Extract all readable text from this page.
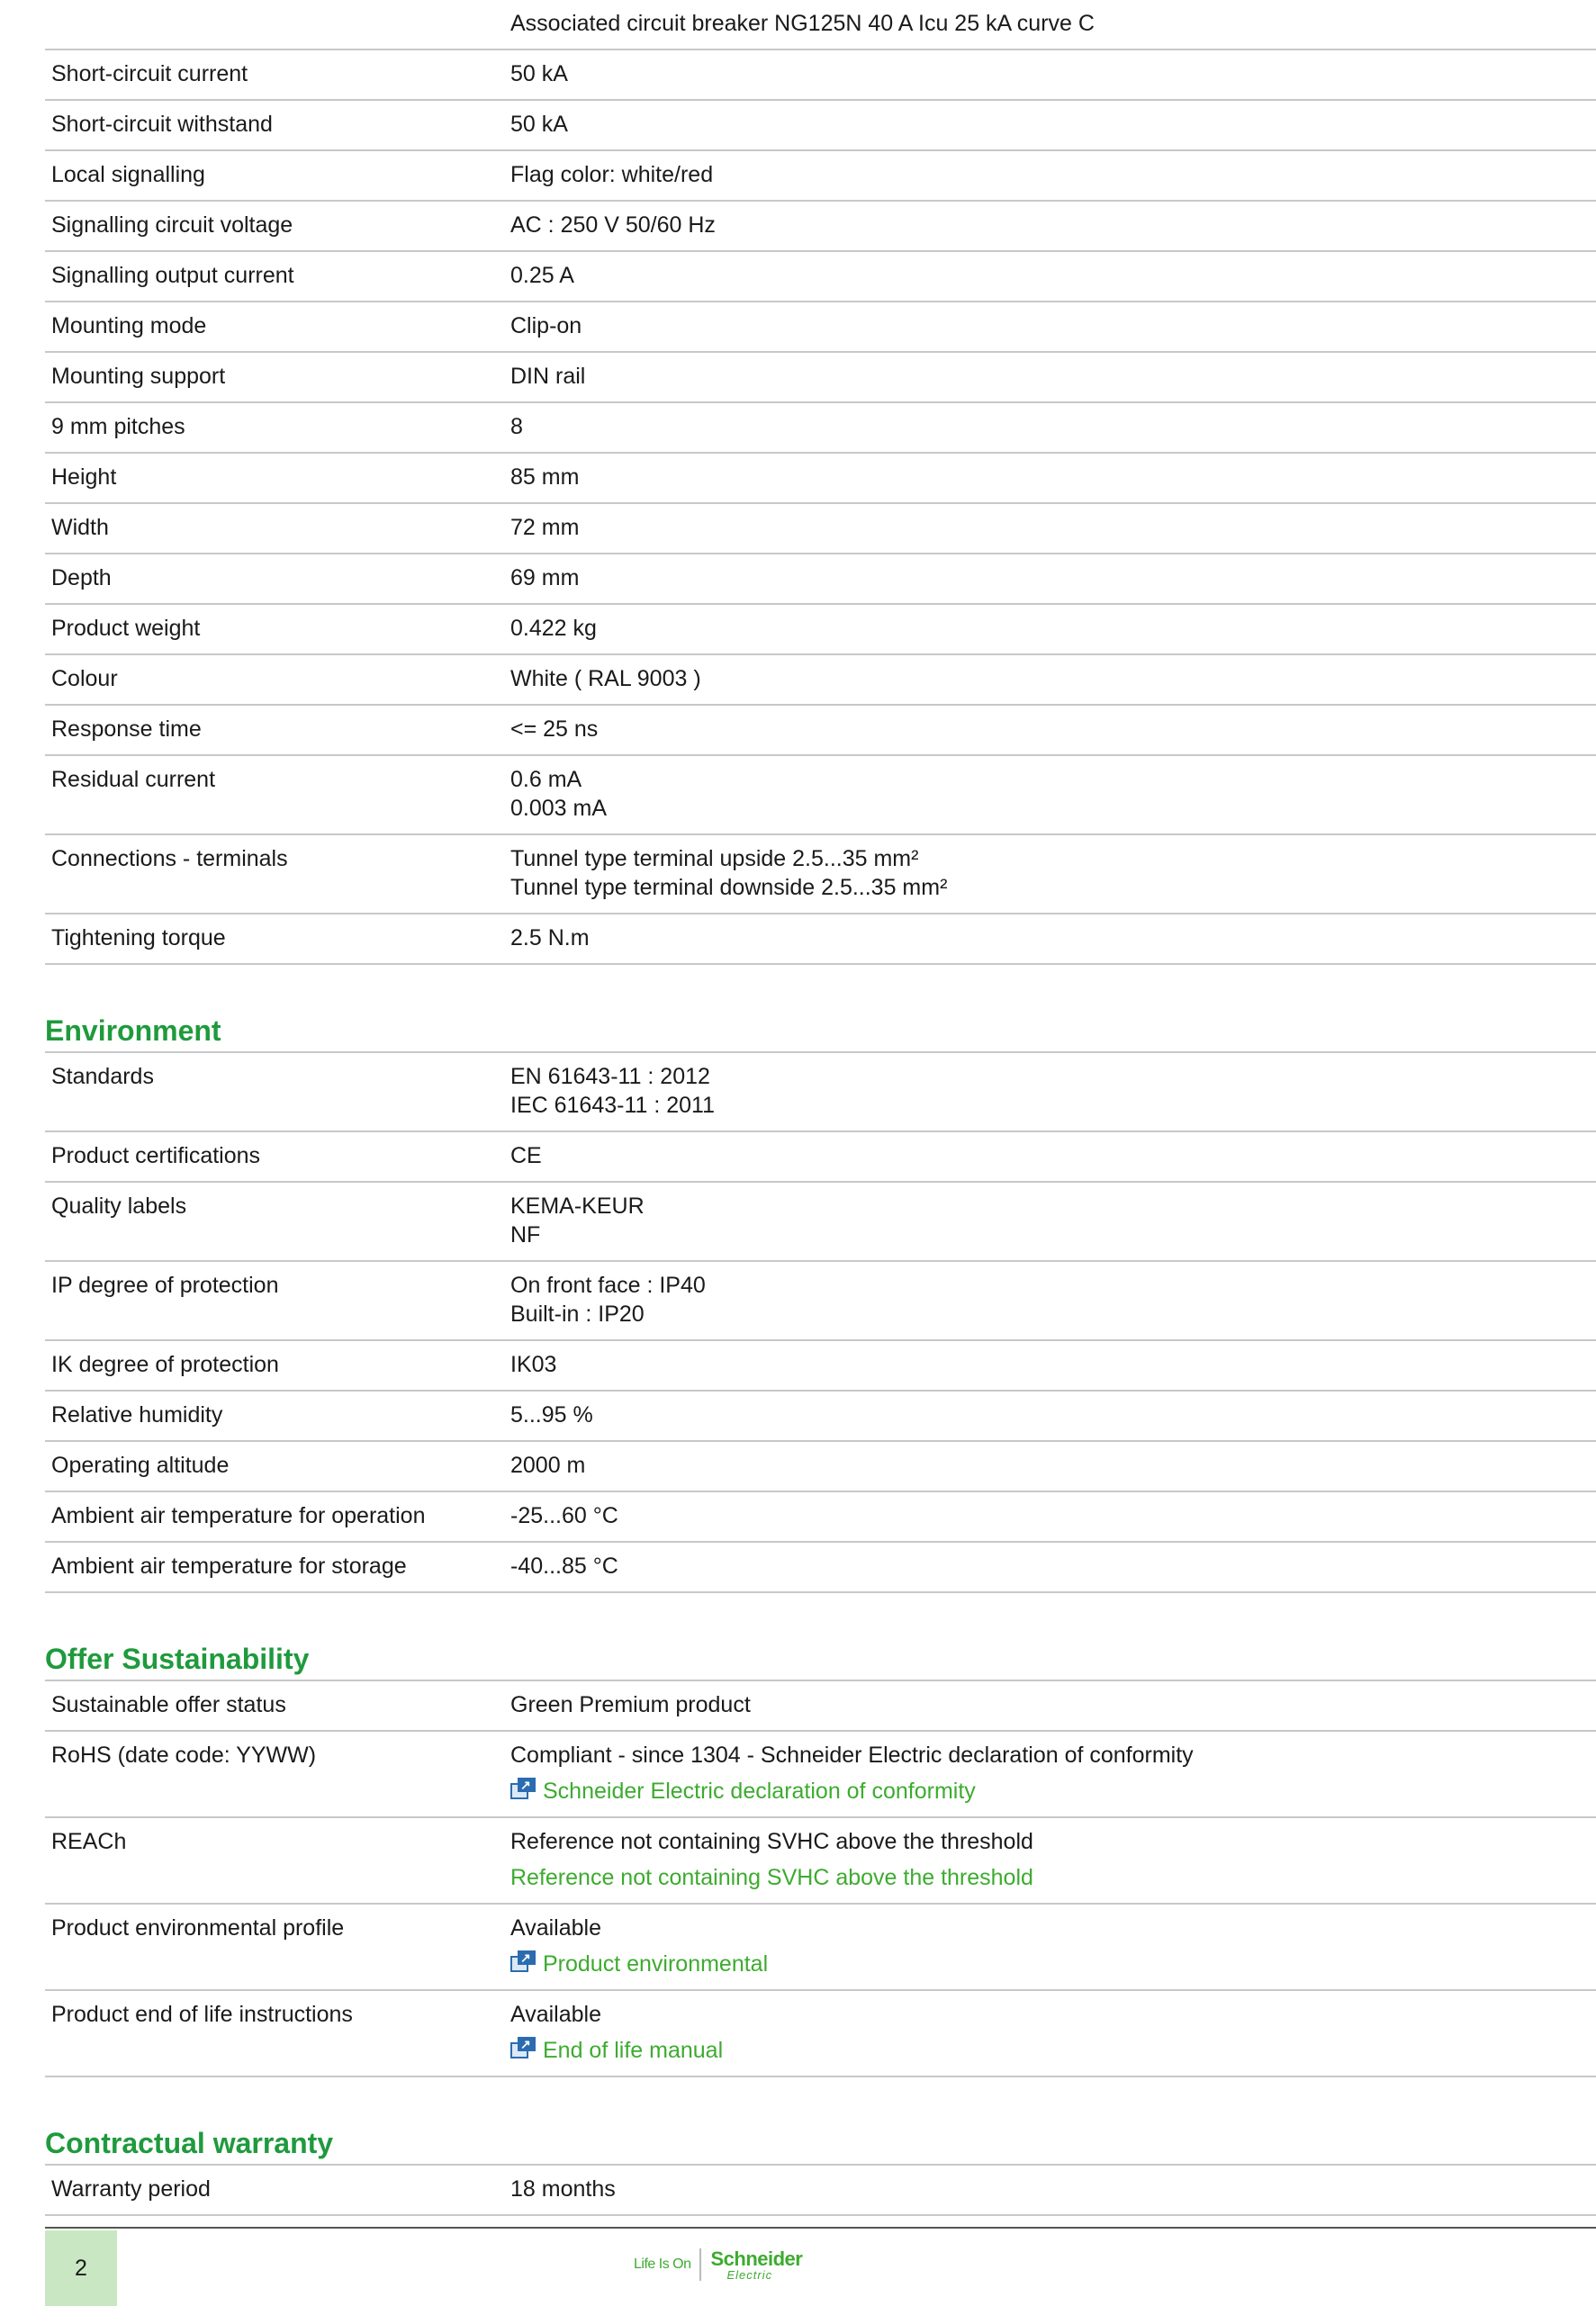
	Associated circuit breaker NG125N 40 A Icu 25 kA curve C

Short-circuit current	50 kA

Short-circuit withstand	50 kA

Local signalling	Flag color: white/red

Signalling circuit voltage	AC : 250 V 50/60 Hz

Signalling output current	0.25 A

Mounting mode	Clip-on

Mounting support	DIN rail

9 mm pitches	8

Height	85 mm

Width	72 mm

Depth	69 mm

Product weight	0.422 kg

Colour	White ( RAL 9003 )

Response time	<= 25 ns

Residual current	0.6 mA
0.003 mA

Connections - terminals	Tunnel type terminal upside 2.5...35 mm²
Tunnel type terminal downside 2.5...35 mm²

Tightening torque	2.5 N.m
Environment
Standards	EN 61643-11 : 2012
IEC 61643-11 : 2011

Product certifications	CE

Quality labels	KEMA-KEUR
NF

IP degree of protection	On front face : IP40
Built-in : IP20

IK degree of protection	IK03

Relative humidity	5...95 %

Operating altitude	2000 m

Ambient air temperature for operation	-25...60 °C

Ambient air temperature for storage	-40...85 °C
Offer Sustainability
Sustainable offer status	Green Premium product

RoHS (date code: YYWW)	Compliant - since 1304 - Schneider Electric declaration of conformity
↗ Schneider Electric declaration of conformity

REACh	Reference not containing SVHC above the threshold
Reference not containing SVHC above the threshold

Product environmental profile	Available
↗ Product environmental

Product end of life instructions	Available
↗ End of life manual
Contractual warranty
Warranty period	18 months
2	Life Is On Schneider
Electric
